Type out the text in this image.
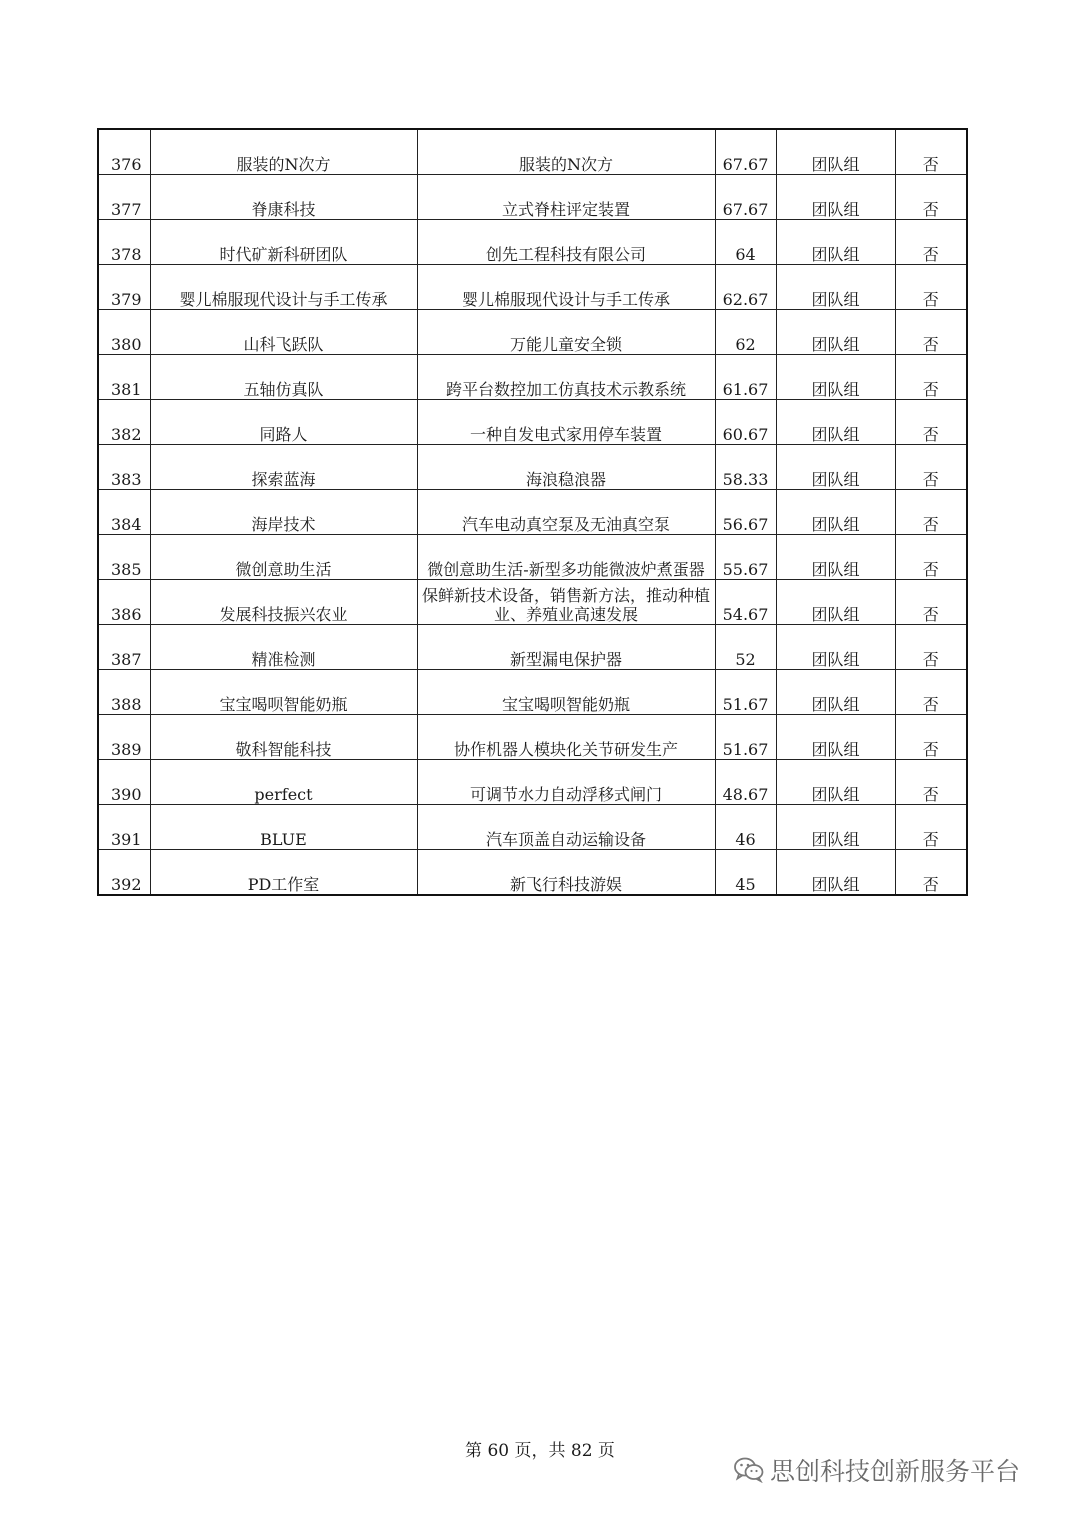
376	服装的N次方	服装的N次方	67.67	团队组	否
377	脊康科技	立式脊柱评定装置	67.67	团队组	否
378	时代矿新科研团队	创先工程科技有限公司	64	团队组	否
379	婴儿棉服现代设计与手工传承	婴儿棉服现代设计与手工传承	62.67	团队组	否
380	山科飞跃队	万能儿童安全锁	62	团队组	否
381	五轴仿真队	跨平台数控加工仿真技术示教系统	61.67	团队组	否
382	同路人	一种自发电式家用停车装置	60.67	团队组	否
383	探索蓝海	海浪稳浪器	58.33	团队组	否
384	海岸技术	汽车电动真空泵及无油真空泵	56.67	团队组	否
385	微创意助生活	微创意助生活-新型多功能微波炉煮蛋器	55.67	团队组	否
386	发展科技振兴农业	保鲜新技术设备，销售新方法，推动种植业、养殖业高速发展	54.67	团队组	否
387	精准检测	新型漏电保护器	52	团队组	否
388	宝宝喝呗智能奶瓶	宝宝喝呗智能奶瓶	51.67	团队组	否
389	敬科智能科技	协作机器人模块化关节研发生产	51.67	团队组	否
390	perfect	可调节水力自动浮移式闸门	48.67	团队组	否
391	BLUE	汽车顶盖自动运输设备	46	团队组	否
392	PD工作室	新飞行科技游娱	45	团队组	否
第 60 页，共 82 页
思创科技创新服务平台
